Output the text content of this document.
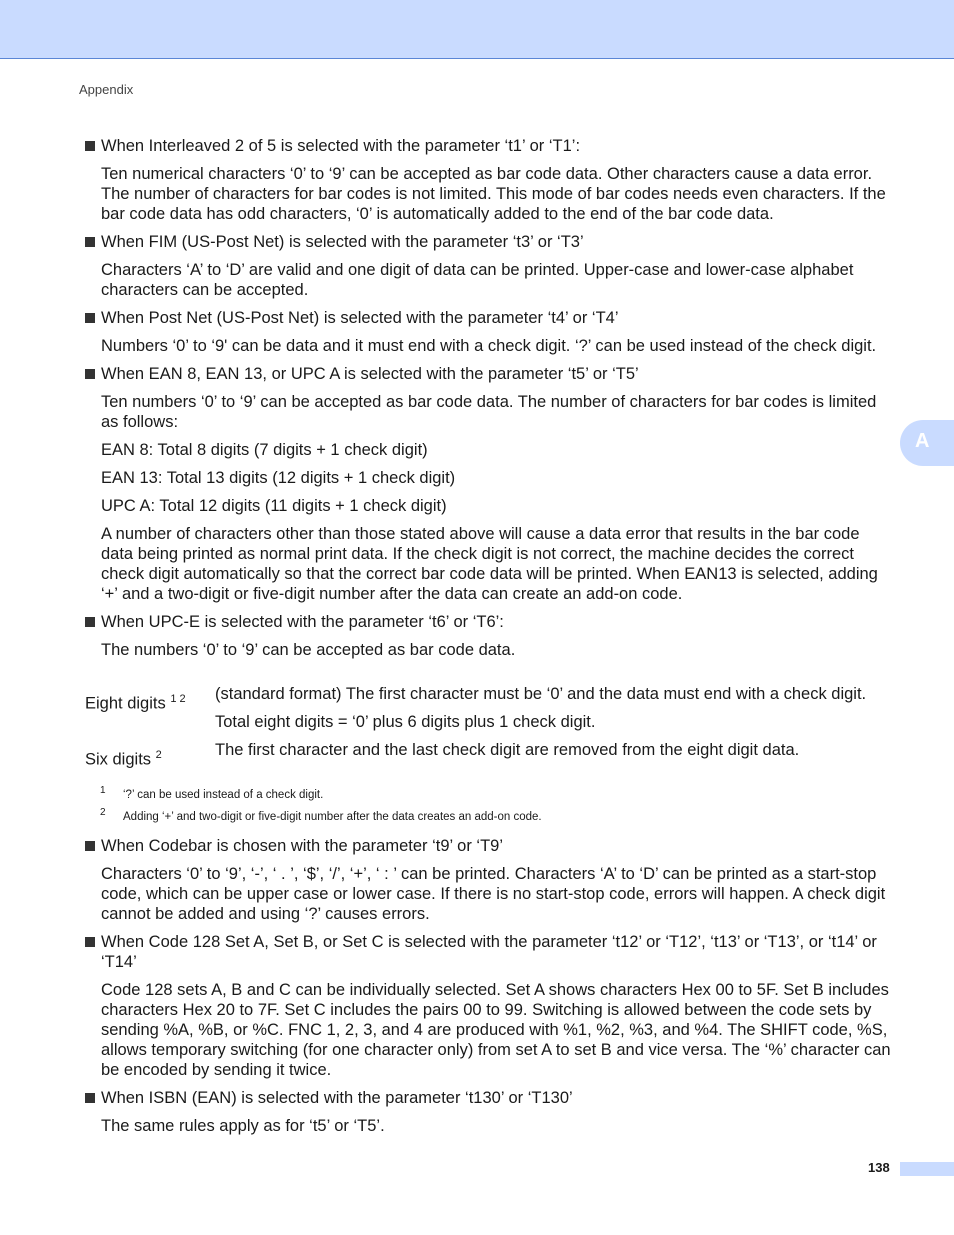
Appendix
A
When Interleaved 2 of 5 is selected with the parameter ‘t1’ or ‘T1’:

Ten numerical characters ‘0’ to ‘9’ can be accepted as bar code data. Other characters cause a data error. The number of characters for bar codes is not limited. This mode of bar codes needs even characters. If the bar code data has odd characters, ‘0’ is automatically added to the end of the bar code data.

When FIM (US-Post Net) is selected with the parameter ‘t3’ or ‘T3’

Characters ‘A’ to ‘D’ are valid and one digit of data can be printed. Upper-case and lower-case alphabet characters can be accepted.

When Post Net (US-Post Net) is selected with the parameter ‘t4’ or ‘T4’

Numbers ‘0’ to ‘9' can be data and it must end with a check digit. ‘?’ can be used instead of the check digit.

When EAN 8, EAN 13, or UPC A is selected with the parameter ‘t5’ or ‘T5’

Ten numbers ‘0’ to ‘9’ can be accepted as bar code data. The number of characters for bar codes is limited as follows:

EAN 8: Total 8 digits (7 digits + 1 check digit)

EAN 13: Total 13 digits (12 digits + 1 check digit)

UPC A: Total 12 digits (11 digits + 1 check digit)

A number of characters other than those stated above will cause a data error that results in the bar code data being printed as normal print data. If the check digit is not correct, the machine decides the correct check digit automatically so that the correct bar code data will be printed. When EAN13 is selected, adding ‘+’ and a two-digit or five-digit number after the data can create an add-on code.

When UPC-E is selected with the parameter ‘t6’ or ‘T6’:

The numbers ‘0’ to ‘9’ can be accepted as bar code data.

Eight digits $^{1 2}$	(standard format) The first character must be ‘0’ and the data must end with a check digit.
Total eight digits = ‘0’ plus 6 digits plus 1 check digit.

Six digits $^2$	The first character and the last check digit are removed from the eight digit data.
1 ‘?’ can be used instead of a check digit.
2 Adding ‘+’ and two-digit or five-digit number after the data creates an add-on code.
When Codebar is chosen with the parameter ‘t9’ or ‘T9’

Characters ‘0’ to ‘9’, ‘-’, ‘ . ’, ‘$’, ‘/’, ‘+’, ‘ : ’ can be printed. Characters ‘A’ to ‘D’ can be printed as a start-stop code, which can be upper case or lower case. If there is no start-stop code, errors will happen. A check digit cannot be added and using ‘?’ causes errors.

When Code 128 Set A, Set B, or Set C is selected with the parameter ‘t12’ or ‘T12’, ‘t13’ or ‘T13’, or ‘t14’ or ‘T14’

Code 128 sets A, B and C can be individually selected. Set A shows characters Hex 00 to 5F. Set B includes characters Hex 20 to 7F. Set C includes the pairs 00 to 99. Switching is allowed between the code sets by sending %A, %B, or %C. FNC 1, 2, 3, and 4 are produced with %1, %2, %3, and %4. The SHIFT code, %S, allows temporary switching (for one character only) from set A to set B and vice versa. The ‘%’ character can be encoded by sending it twice.

When ISBN (EAN) is selected with the parameter ‘t130’ or ‘T130’

The same rules apply as for ‘t5’ or ‘T5’.

138
